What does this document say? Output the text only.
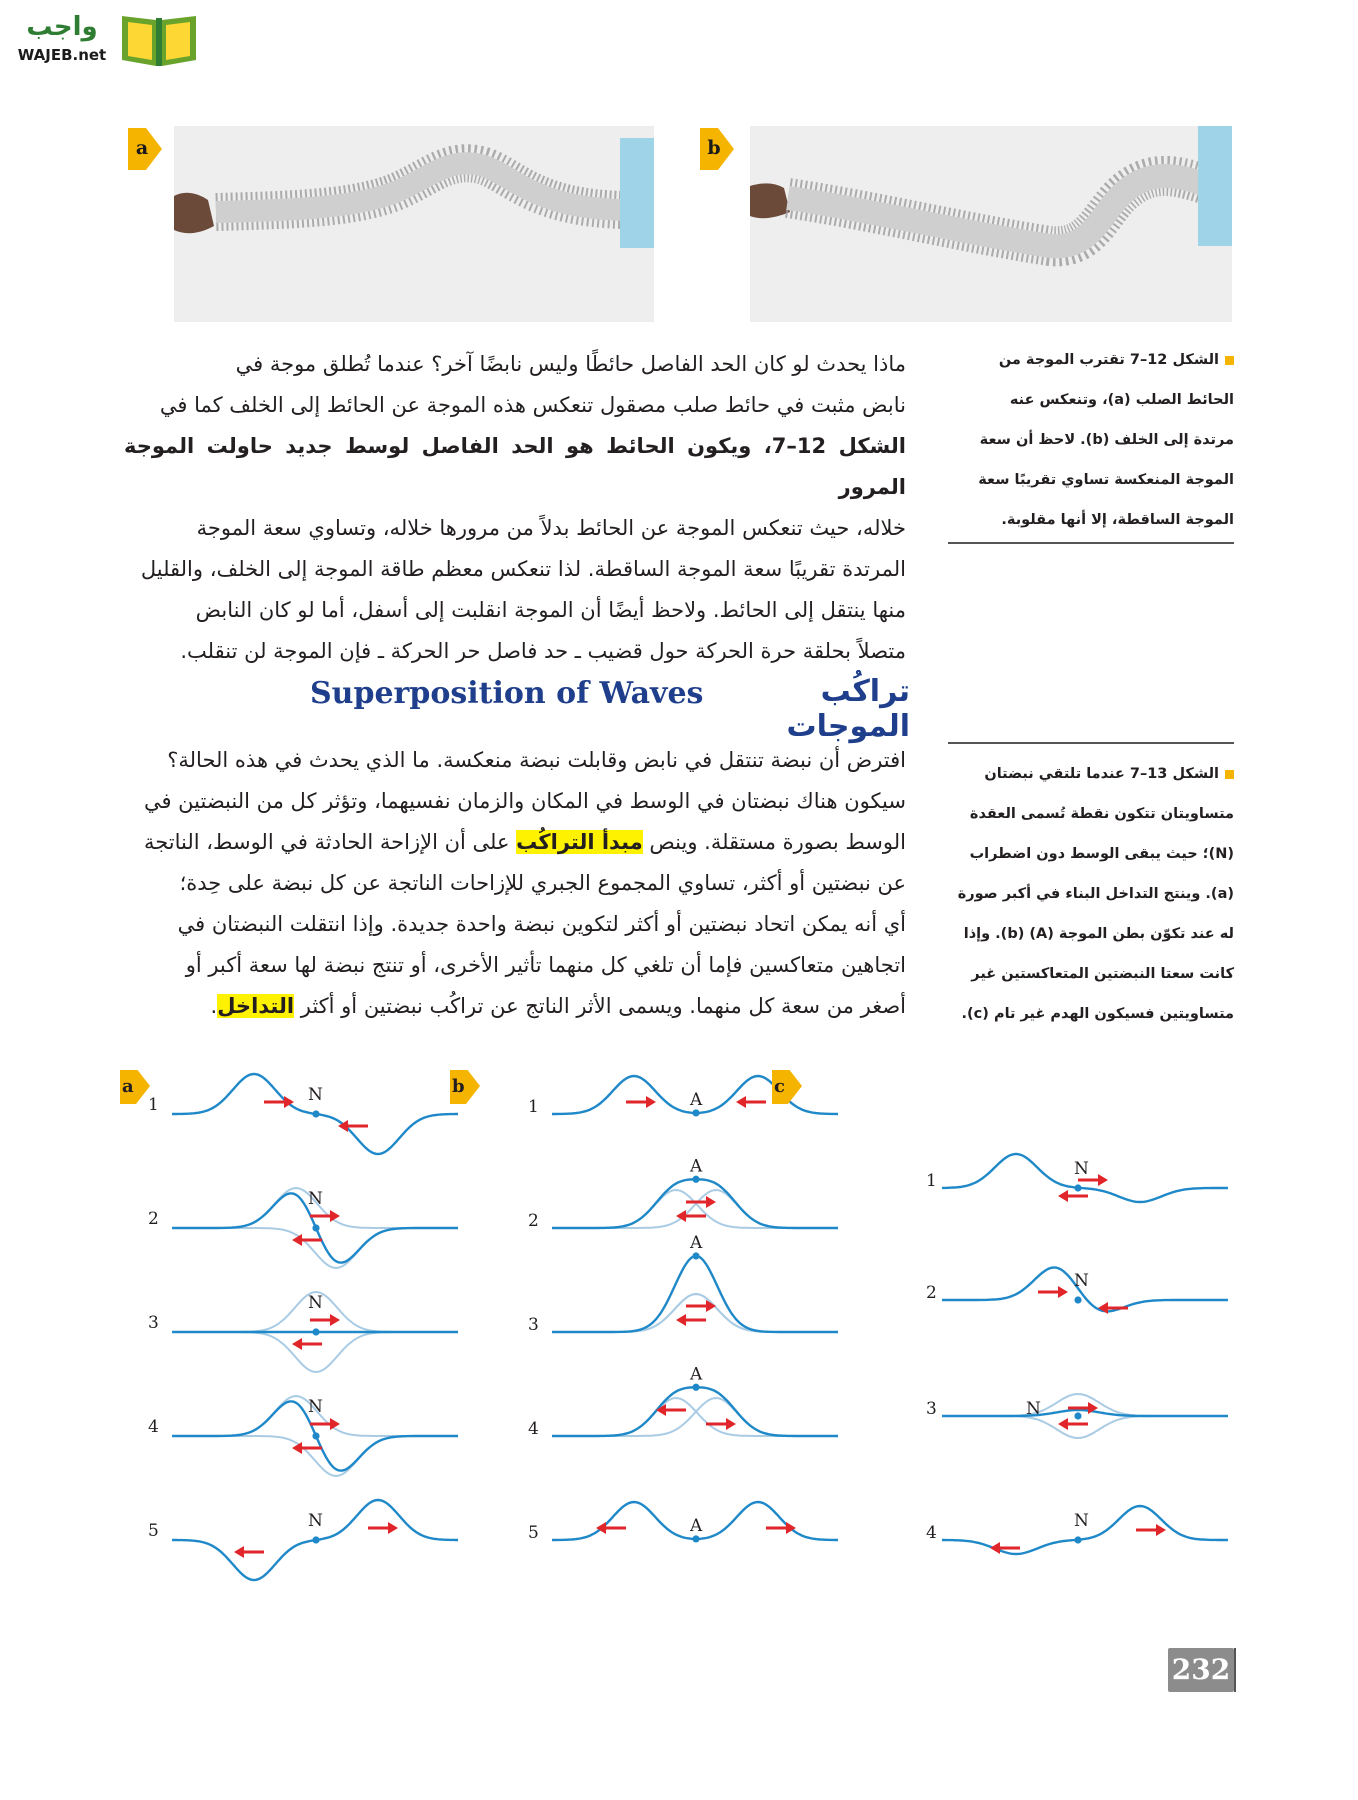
واجب
WAJEB.net
a	b
الشكل 12–7 تقترب الموجة من
الحائط الصلب (a)، وتنعكس عنه
مرتدة إلى الخلف (b). لاحظ أن سعة
الموجة المنعكسة تساوي تقريبًا سعة
الموجة الساقطة، إلا أنها مقلوبة.
ماذا يحدث لو كان الحد الفاصل حائطًا وليس نابضًا آخر؟ عندما تُطلق موجة في
نابض مثبت في حائط صلب مصقول تنعكس هذه الموجة عن الحائط إلى الخلف كما في
الشكل 12–7، ويكون الحائط هو الحد الفاصل لوسط جديد حاولت الموجة المرور
خلاله، حيث تنعكس الموجة عن الحائط بدلاً من مرورها خلاله، وتساوي سعة الموجة
المرتدة تقريبًا سعة الموجة الساقطة. لذا تنعكس معظم طاقة الموجة إلى الخلف، والقليل
منها ينتقل إلى الحائط. ولاحظ أيضًا أن الموجة انقلبت إلى أسفل، أما لو كان النابض
متصلاً بحلقة حرة الحركة حول قضيب ـ حد فاصل حر الحركة ـ فإن الموجة لن تنقلب.
Superposition of Waves	تراكُب الموجات
الشكل 13–7 عندما تلتقي نبضتان
متساويتان تتكون نقطة تُسمى العقدة
(N)؛ حيث يبقى الوسط دون اضطراب
(a). وينتج التداخل البناء في أكبر صورة
له عند تكوّن بطن الموجة (A) (b). وإذا
كانت سعتا النبضتين المتعاكستين غير
متساويتين فسيكون الهدم غير تام (c).
افترض أن نبضة تنتقل في نابض وقابلت نبضة منعكسة. ما الذي يحدث في هذه الحالة؟
سيكون هناك نبضتان في الوسط في المكان والزمان نفسيهما، وتؤثر كل من النبضتين في
الوسط بصورة مستقلة. وينص مبدأ التراكُب على أن الإزاحة الحادثة في الوسط، الناتجة
عن نبضتين أو أكثر، تساوي المجموع الجبري للإزاحات الناتجة عن كل نبضة على حِدة؛
أي أنه يمكن اتحاد نبضتين أو أكثر لتكوين نبضة واحدة جديدة. وإذا انتقلت النبضتان في
اتجاهين متعاكسين فإما أن تلغي كل منهما تأثير الأخرى، أو تنتج نبضة لها سعة أكبر أو
أصغر من سعة كل منهما. ويسمى الأثر الناتج عن تراكُب نبضتين أو أكثر التداخل.
a
1	N
2
N
3
N
4
N
5	N
b
1	A
2
A
3
A
4
A
5	A
c
1
N
2
N
3	N
4
N
232
